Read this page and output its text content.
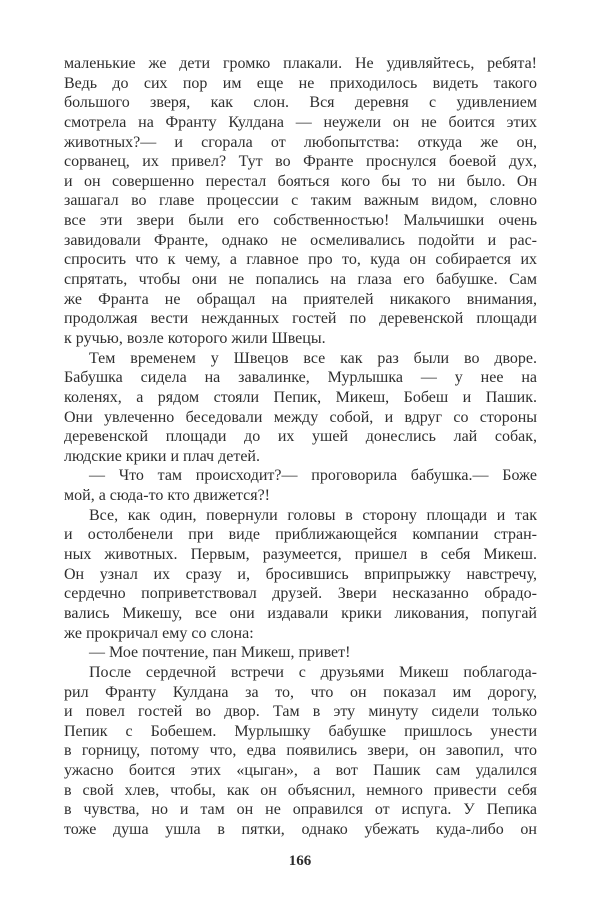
маленькие же дети громко плакали. Не удивляйтесь, ребята!
Ведь до сих пор им еще не приходилось видеть такого
большого зверя, как слон. Вся деревня с удивлением
смотрела на Франту Кулдана — неужели он не боится этих
животных?— и сгорала от любопытства: откуда же он,
сорванец, их привел? Тут во Франте проснулся боевой дух,
и он совершенно перестал бояться кого бы то ни было. Он
зашагал во главе процессии с таким важным видом, словно
все эти звери были его собственностью! Мальчишки очень
завидовали Франте, однако не осмеливались подойти и рас-
спросить что к чему, а главное про то, куда он собирается их
спрятать, чтобы они не попались на глаза его бабушке. Сам
же Франта не обращал на приятелей никакого внимания,
продолжая вести нежданных гостей по деревенской площади
к ручью, возле которого жили Швецы.
Тем временем у Швецов все как раз были во дворе.
Бабушка сидела на завалинке, Мурлышка — у нее на
коленях, а рядом стояли Пепик, Микеш, Бобеш и Пашик.
Они увлеченно беседовали между собой, и вдруг со стороны
деревенской площади до их ушей донеслись лай собак,
людские крики и плач детей.
— Что там происходит?— проговорила бабушка.— Боже
мой, а сюда-то кто движется?!
Все, как один, повернули головы в сторону площади и так
и остолбенели при виде приближающейся компании стран-
ных животных. Первым, разумеется, пришел в себя Микеш.
Он узнал их сразу и, бросившись вприпрыжку навстречу,
сердечно поприветствовал друзей. Звери несказанно обрадо-
вались Микешу, все они издавали крики ликования, попугай
же прокричал ему со слона:
— Мое почтение, пан Микеш, привет!
После сердечной встречи с друзьями Микеш поблагода-
рил Франту Кулдана за то, что он показал им дорогу,
и повел гостей во двор. Там в эту минуту сидели только
Пепик с Бобешем. Мурлышку бабушке пришлось унести
в горницу, потому что, едва появились звери, он завопил, что
ужасно боится этих «цыган», а вот Пашик сам удалился
в свой хлев, чтобы, как он объяснил, немного привести себя
в чувства, но и там он не оправился от испуга. У Пепика
тоже душа ушла в пятки, однако убежать куда-либо он
166
